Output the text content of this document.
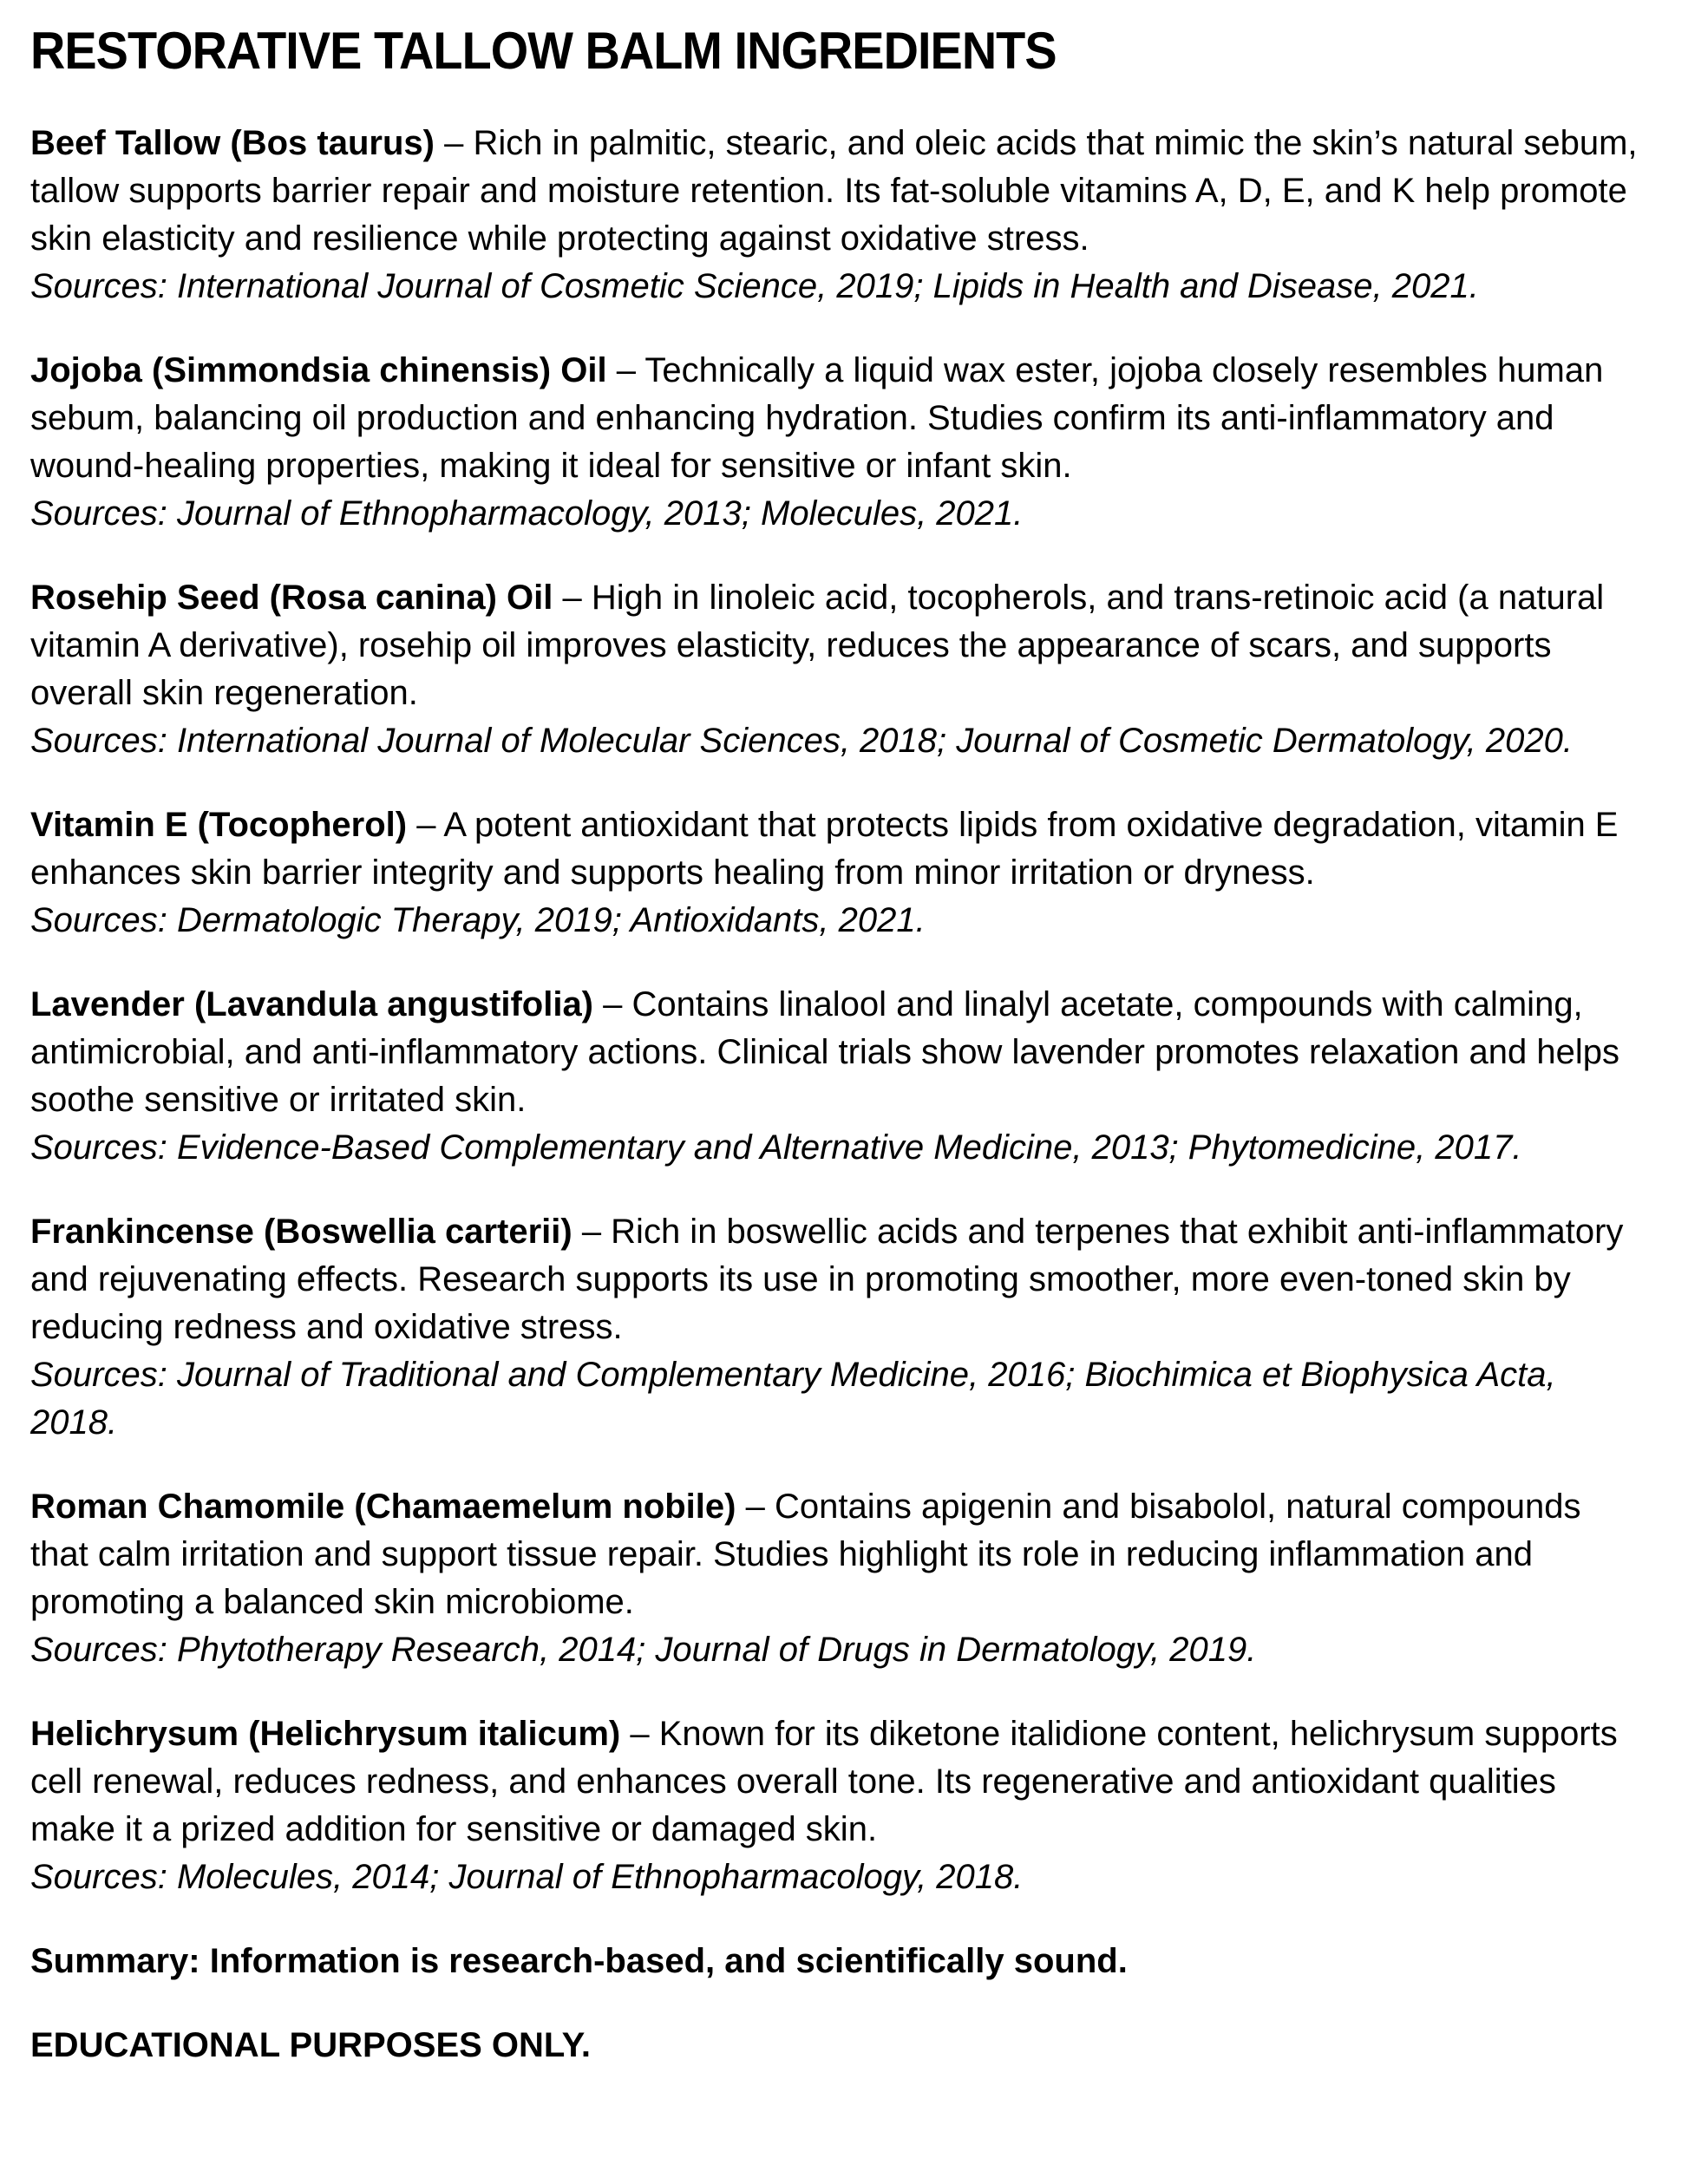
RESTORATIVE TALLOW BALM INGREDIENTS

Beef Tallow (Bos taurus) – Rich in palmitic, stearic, and oleic acids that mimic the skin’s natural sebum, tallow supports barrier repair and moisture retention. Its fat-soluble vitamins A, D, E, and K help promote skin elasticity and resilience while protecting against oxidative stress.

Sources: International Journal of Cosmetic Science, 2019; Lipids in Health and Disease, 2021.

Jojoba (Simmondsia chinensis) Oil – Technically a liquid wax ester, jojoba closely resembles human sebum, balancing oil production and enhancing hydration. Studies confirm its anti-inflammatory and wound-healing properties, making it ideal for sensitive or infant skin.

Sources: Journal of Ethnopharmacology, 2013; Molecules, 2021.

Rosehip Seed (Rosa canina) Oil – High in linoleic acid, tocopherols, and trans-retinoic acid (a natural vitamin A derivative), rosehip oil improves elasticity, reduces the appearance of scars, and supports overall skin regeneration.

Sources: International Journal of Molecular Sciences, 2018; Journal of Cosmetic Dermatology, 2020.

Vitamin E (Tocopherol) – A potent antioxidant that protects lipids from oxidative degradation, vitamin E enhances skin barrier integrity and supports healing from minor irritation or dryness.

Sources: Dermatologic Therapy, 2019; Antioxidants, 2021.

Lavender (Lavandula angustifolia) – Contains linalool and linalyl acetate, compounds with calming, antimicrobial, and anti-inflammatory actions. Clinical trials show lavender promotes relaxation and helps soothe sensitive or irritated skin.

Sources: Evidence-Based Complementary and Alternative Medicine, 2013; Phytomedicine, 2017.

Frankincense (Boswellia carterii) – Rich in boswellic acids and terpenes that exhibit anti-inflammatory and rejuvenating effects. Research supports its use in promoting smoother, more even-toned skin by reducing redness and oxidative stress.

Sources: Journal of Traditional and Complementary Medicine, 2016; Biochimica et Biophysica Acta, 2018.

Roman Chamomile (Chamaemelum nobile) – Contains apigenin and bisabolol, natural compounds that calm irritation and support tissue repair. Studies highlight its role in reducing inflammation and promoting a balanced skin microbiome.

Sources: Phytotherapy Research, 2014; Journal of Drugs in Dermatology, 2019.

Helichrysum (Helichrysum italicum) – Known for its diketone italidione content, helichrysum supports cell renewal, reduces redness, and enhances overall tone. Its regenerative and antioxidant qualities make it a prized addition for sensitive or damaged skin.

Sources: Molecules, 2014; Journal of Ethnopharmacology, 2018.

Summary: Information is research-based, and scientifically sound.

EDUCATIONAL PURPOSES ONLY.
